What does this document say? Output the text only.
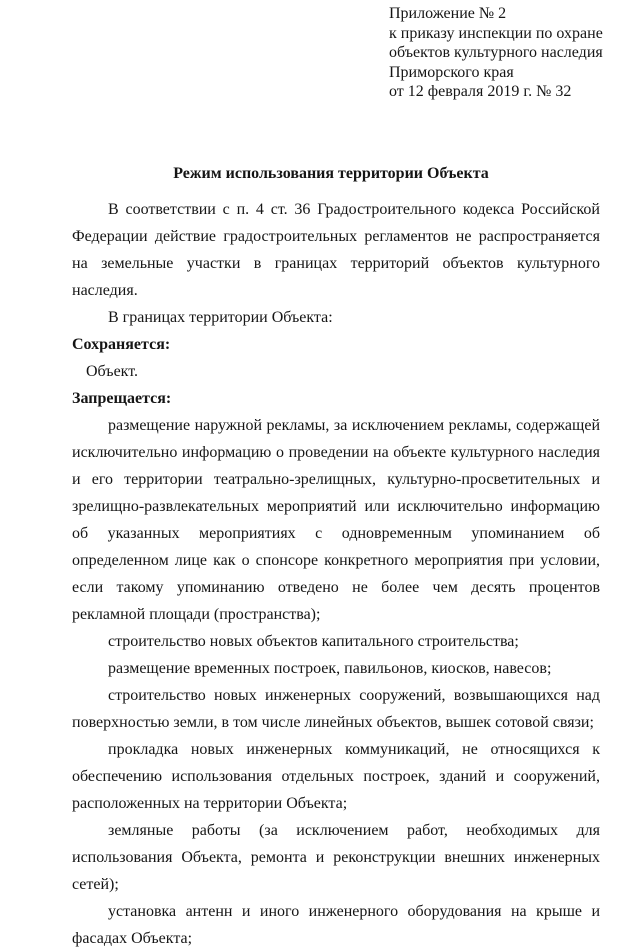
Приложение № 2
к приказу инспекции по охране
объектов культурного наследия
Приморского края
от 12 февраля 2019 г. № 32
Режим использования территории Объекта

В соответствии с п. 4 ст. 36 Градостроительного кодекса Российской Федерации действие градостроительных регламентов не распространяется на земельные участки в границах территорий объектов культурного наследия.

В границах территории Объекта:

Сохраняется:

Объект.

Запрещается:

размещение наружной рекламы, за исключением рекламы, содержащей исключительно информацию о проведении на объекте культурного наследия и его территории театрально-зрелищных, культурно-просветительных и зрелищно-развлекательных мероприятий или исключительно информацию об указанных мероприятиях с одновременным упоминанием об определенном лице как о спонсоре конкретного мероприятия при условии, если такому упоминанию отведено не более чем десять процентов рекламной площади (пространства);

строительство новых объектов капитального строительства;

размещение временных построек, павильонов, киосков, навесов;

строительство новых инженерных сооружений, возвышающихся над поверхностью земли, в том числе линейных объектов, вышек сотовой связи;

прокладка новых инженерных коммуникаций, не относящихся к обеспечению использования отдельных построек, зданий и сооружений, расположенных на территории Объекта;

земляные работы (за исключением работ, необходимых для использования Объекта, ремонта и реконструкции внешних инженерных сетей);

установка антенн и иного инженерного оборудования на крыше и фасадах Объекта;
